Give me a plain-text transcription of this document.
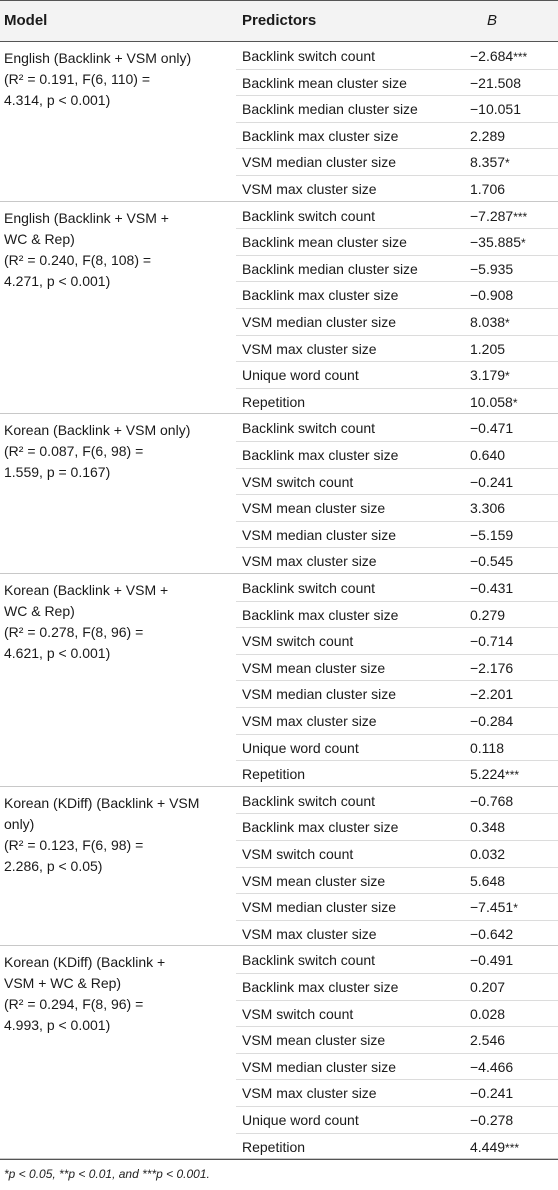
Model	Predictors	B
English (Backlink + VSM only)
(R² = 0.191, F(6, 110) =
4.314, p < 0.001)
Backlink switch count	−2.684***
Backlink mean cluster size	−21.508
Backlink median cluster size	−10.051
Backlink max cluster size	2.289
VSM median cluster size	8.357*
VSM max cluster size	1.706
English (Backlink + VSM +
WC & Rep)
(R² = 0.240, F(8, 108) =
4.271, p < 0.001)
Backlink switch count	−7.287***
Backlink mean cluster size	−35.885*
Backlink median cluster size	−5.935
Backlink max cluster size	−0.908
VSM median cluster size	8.038*
VSM max cluster size	1.205
Unique word count	3.179*
Repetition	10.058*
Korean (Backlink + VSM only)
(R² = 0.087, F(6, 98) =
1.559, p = 0.167)
Backlink switch count	−0.471
Backlink max cluster size	0.640
VSM switch count	−0.241
VSM mean cluster size	3.306
VSM median cluster size	−5.159
VSM max cluster size	−0.545
Korean (Backlink + VSM +
WC & Rep)
(R² = 0.278, F(8, 96) =
4.621, p < 0.001)
Backlink switch count	−0.431
Backlink max cluster size	0.279
VSM switch count	−0.714
VSM mean cluster size	−2.176
VSM median cluster size	−2.201
VSM max cluster size	−0.284
Unique word count	0.118
Repetition	5.224***
Korean (KDiff) (Backlink + VSM
only)
(R² = 0.123, F(6, 98) =
2.286, p < 0.05)
Backlink switch count	−0.768
Backlink max cluster size	0.348
VSM switch count	0.032
VSM mean cluster size	5.648
VSM median cluster size	−7.451*
VSM max cluster size	−0.642
Korean (KDiff) (Backlink +
VSM + WC & Rep)
(R² = 0.294, F(8, 96) =
4.993, p < 0.001)
Backlink switch count	−0.491
Backlink max cluster size	0.207
VSM switch count	0.028
VSM mean cluster size	2.546
VSM median cluster size	−4.466
VSM max cluster size	−0.241
Unique word count	−0.278
Repetition	4.449***
*p < 0.05, **p < 0.01, and ***p < 0.001.
